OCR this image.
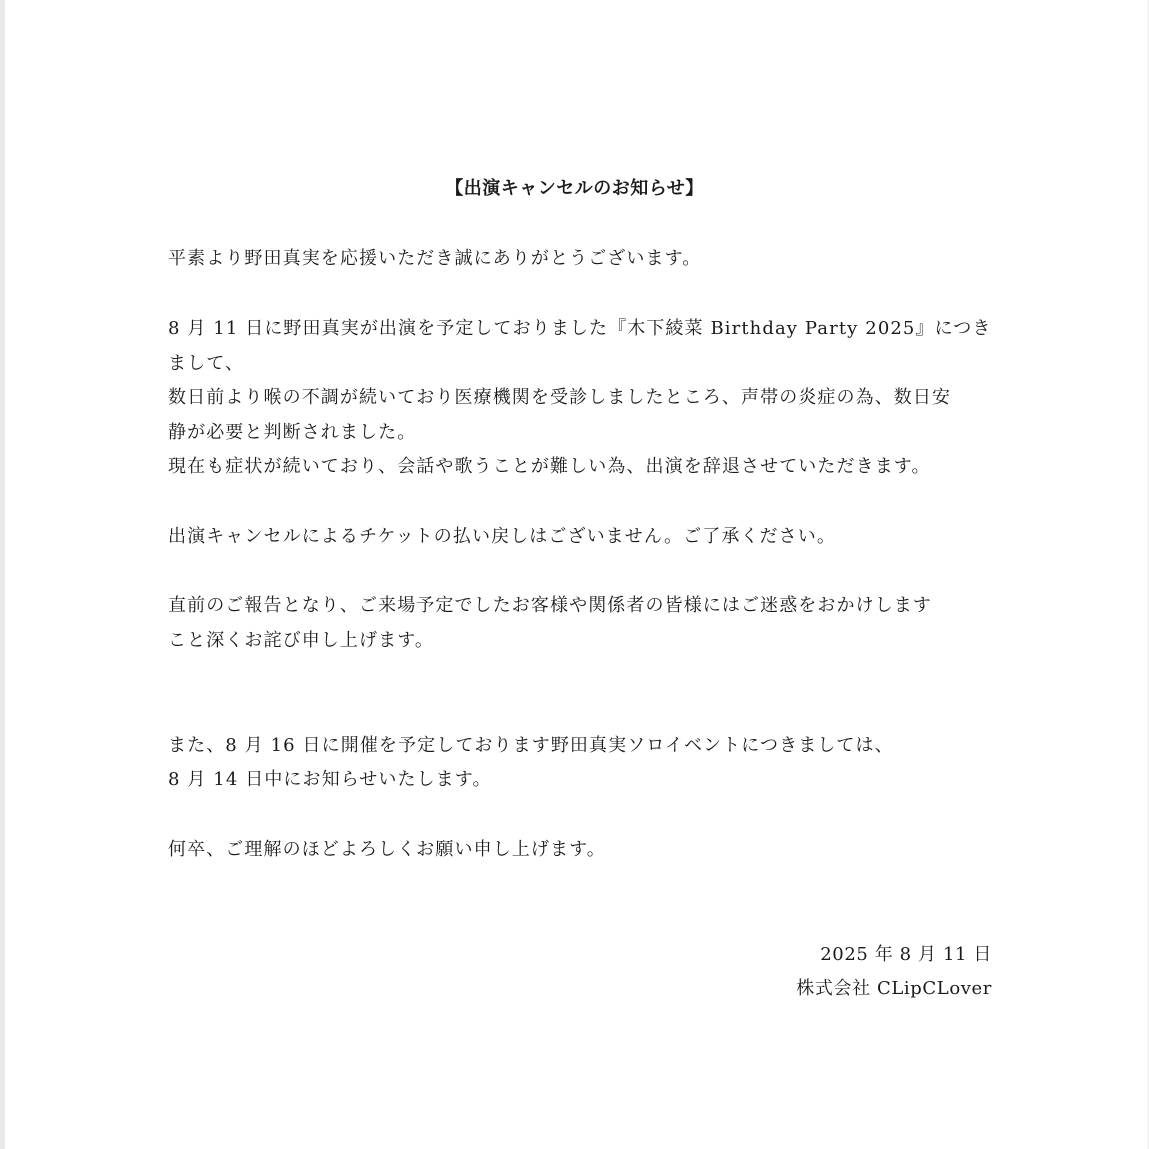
【出演キャンセルのお知らせ】
平素より野田真実を応援いただき誠にありがとうございます。
8 月 11 日に野田真実が出演を予定しておりました『木下綾菜 Birthday Party 2025』につき
まして、
数日前より喉の不調が続いており医療機関を受診しましたところ、声帯の炎症の為、数日安
静が必要と判断されました。
現在も症状が続いており、会話や歌うことが難しい為、出演を辞退させていただきます。
出演キャンセルによるチケットの払い戻しはございません。ご了承ください。
直前のご報告となり、ご来場予定でしたお客様や関係者の皆様にはご迷惑をおかけします
こと深くお詫び申し上げます。
また、8 月 16 日に開催を予定しております野田真実ソロイベントにつきましては、
8 月 14 日中にお知らせいたします。
何卒、ご理解のほどよろしくお願い申し上げます。
2025 年 8 月 11 日
株式会社 CLipCLover
